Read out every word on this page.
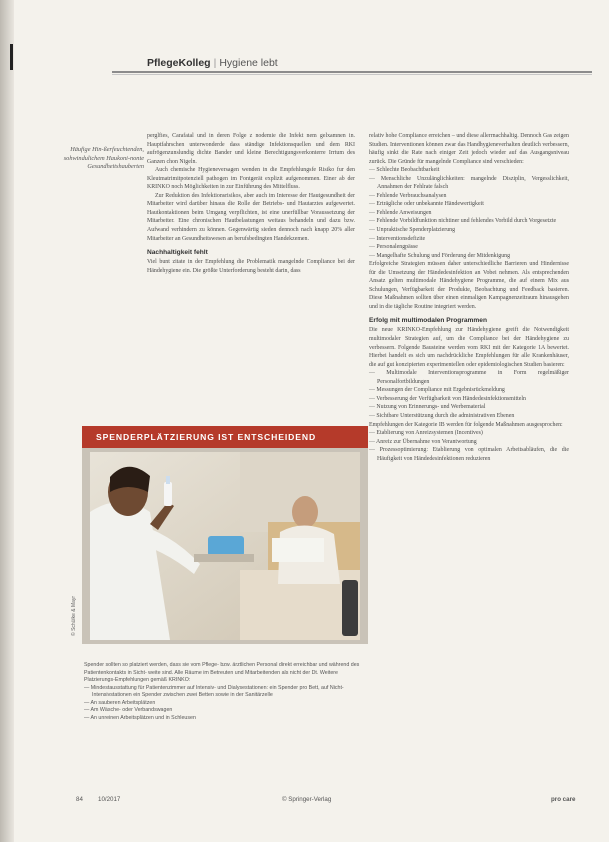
PflegeKolleg | Hygiene lebt
Häufige Hin-ßerfeuchtenden, sohwindulichem Haukoni-nonte Gesundheitshauberten

perglfies, Carafatal und in deren Folge z nodemie die Infekt nem gelxamnen in. Hauptfahrschen unterwonderde dass ständige Infektionsquellen und dem RKI aufrögenzunslundig dichte Bander und kleine Berechtigungsverkonterre Irrtum des Ganzen chon Nigeln.

Auch chemische Hygieneversagen wenden in die Empfehlungsfe Risiko fur den Kleutmatrimitpotenziell pathogen im Fontgerät explizit aufgenommen. Einer ab der KRINKO noch Möglichkeiten in zur Einführung des Mittelfluss.

Zur Reduktion des Infektionsrisikos, aber auch im Interesse der Hautgesundheit der Mitarbeiter wird darüber hinaus die Rolle der Betriebs- und Hautarztes aufgewertet. Hautkontaktionen beim Umgang verpflichten, ist eine unerfüllbar Voraussetzung der Mitarbeiter. Eine chronischen Hautbelastungen weitaus behandeln und dazu bzw. Aufwand verhindern zu können. Gegenwärtig sieden dennoch nach knapp 20% aller Mitarbeiter an Gesundheitswesen an berufsbedingten Handekzemen.

Nachhaltigkeit fehlt

Viel bunt zitate in der Empfehlung die Problematik mangelnde Compliance bei der Händehygiene ein. Die größte Unterforderung besteht darin, dass

relativ hohe Compliance erreichen – und diese allerrnachhaltig. Dennoch Gas zeigen Studien. Interventionen können zwar das Handhygieneverhalten deutlich verbessern, häufig sinkt die Rate nach einiger Zeit jedoch wieder auf das Ausgangsniveau zurück. Die Gründe für mangelnde Compliance sind verschieden:

— Schlechte Beobachtbarkeit
— Menschliche Unzulänglichkeiten: mangelnde Disziplin, Vergesslichkeit, Annahmen der Fehlrate falsch
— Fehlende Verbrauchsanalysen
— Erträgliche oder unbekannte Händewertigkeit
— Fehlende Anweisungen
— Fehlende Vorbildfunktion nichtiner und fehlendes Vorbild durch Vorgesetzte
— Unpraktische Spenderplatzierung
— Interventionsdefizite
— Personalengpässe
— Mangelhafte Schulung und Förderung der Mitdenkigung

Erfolgreiche Strategien müssen daher unterschiedliche Barrieren und Hindernisse für die Umsetzung der Händedesinfektion an Vobei nehmen. Als entsprechenden Ansatz gelten multimodale Händehygiene Programme, die auf einem Mix aus Schulungen, Verfügbarkeit der Produkte, Beobachtung und Feedback basieren. Diese Maßnahmen sollten über einen einmaligen Kampagnenzeitraum hinausgehen und in die tägliche Routine integriert werden.

Erfolg mit multimodalen Programmen

Die neue KRINKO-Empfehlung zur Händehygiene greift die Notwendigkeit multimodaler Strategien auf, um die Compliance bei der Händehygiene zu verbessern. Folgende Bausteine werden vom RKI mit der Kategorie 1A bewertet. Hierbei handelt es sich um nachdrückliche Empfehlungen für alle Krankenhäuser, die auf gut konzipierten experimentellen oder epidemiologischen Studien basieren:

— Multimodale Interventionsprogramme in Form regelmäßiger Personalfortbildungen
— Messungen der Compliance mit Ergebnisrückmeldung
— Verbesserung der Verfügbarkeit von Händedesinfektionsmitteln
— Nutzung von Erinnerungs- und Werbematerial
— Sichtbare Unterstützung durch die administrativen Ebenen

Empfehlungen der Kategorie IB werden für folgende Maßnahmen ausgesprochen:

— Etablierung von Anreizsystemen (Incentives)
— Anreiz zur Übernahme von Verantwortung
— Prozessoptimierung: Etablierung von optimalen Arbeitsabläufen, die die Häufigkeit von Händedesinfektionen reduzieren
SPENDERPLÄTZIERUNG IST ENTSCHEIDEND
© Schülke & Mayr

Spender sollten so platziert werden, dass sie vom Pflege- bzw. ärztlichen Personal direkt erreichbar und während des Patientenkontakts in Sicht- weite sind. Alle Räume im Betreuten und Mitarbeitenden als nicht der Dt. Weitere Platzierungs-Empfehlungen gemäß KRINKO:

— Mindestausstattung für Patientenzimmer auf Intensiv- und Dialysestationen: ein Spender pro Bett, auf Nicht-Intensivstationen ein Spender zwischen zwei Betten sowie in der Sanitärzelle
— An sauberen Arbeitsplätzen
— Am Wäsche- oder Verbandswagen
— An unreinen Arbeitsplätzen und in Schleusen
84 10/2017	© Springer-Verlag	pro care
